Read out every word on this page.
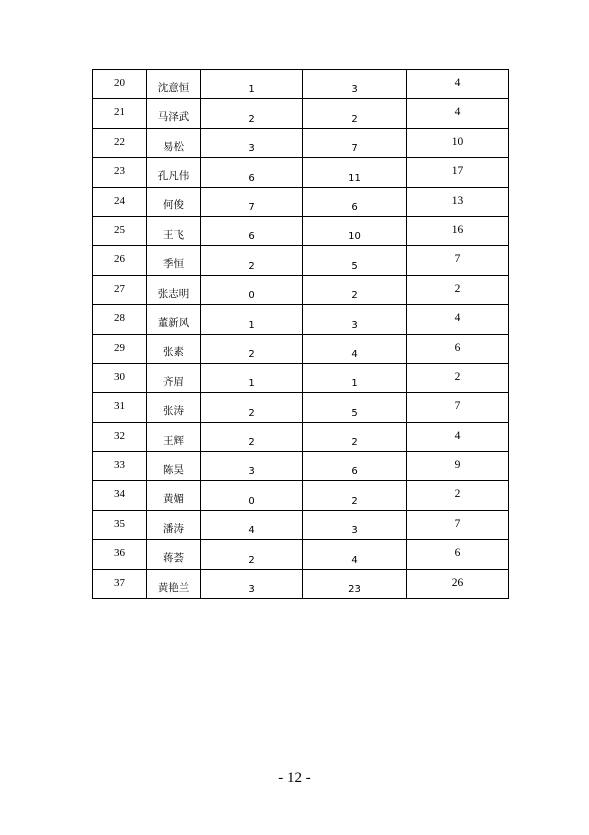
20	沈意恒	1	3	4

21	马泽武	2	2	4

22	易松	3	7	10

23	孔凡伟	6	11	17

24	何俊	7	6	13

25	王飞	6	10	16

26	季恒	2	5	7

27	张志明	0	2	2

28	董新风	1	3	4

29	张素	2	4	6

30	齐眉	1	1	2

31	张涛	2	5	7

32	王辉	2	2	4

33	陈昊	3	6	9

34	黄媚	0	2	2

35	潘涛	4	3	7

36	蒋荟	2	4	6

37	黄艳兰	3	23	26
- 12 -
